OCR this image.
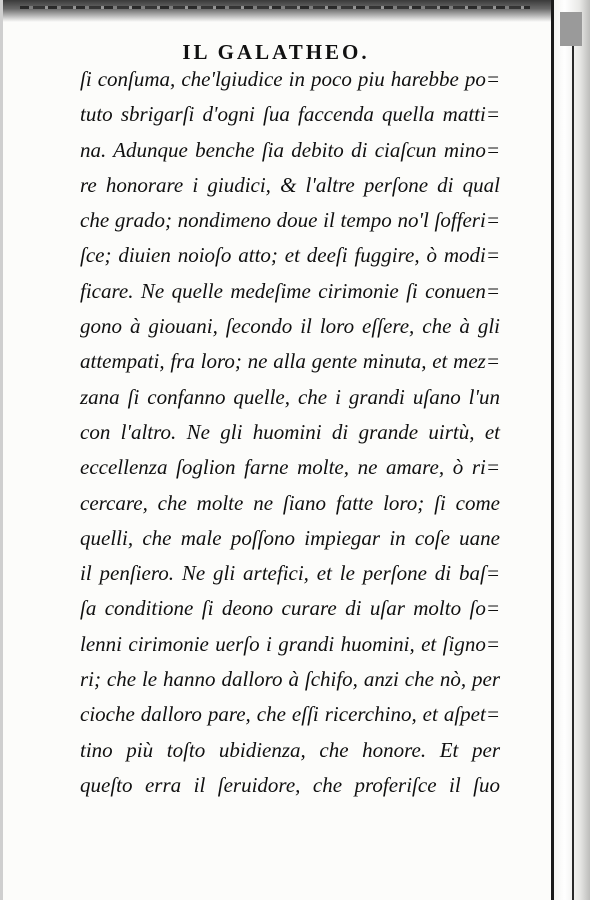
IL GALATHEO.
ſi conſuma, che'lgiudice in poco piu harebbe po=
tuto sbrigarſi d'ogni ſua faccenda quella matti=
na. Adunque benche ſia debito di ciaſcun mino=
re honorare i giudici, & l'altre perſone di qual
che grado; nondimeno doue il tempo no'l ſofferi=
ſce; diuien noioſo atto; et deeſi fuggire, ò modi=
ficare. Ne quelle medeſime cirimonie ſi conuen=
gono à giouani, ſecondo il loro eſſere, che à gli
attempati, fra loro; ne alla gente minuta, et mez=
zana ſi confanno quelle, che i grandi uſano l'un
con l'altro. Ne gli huomini di grande uirtù, et
eccellenza ſoglion farne molte, ne amare, ò ri=
cercare, che molte ne ſiano fatte loro; ſi come
quelli, che male poſſono impiegar in coſe uane
il penſiero. Ne gli artefici, et le perſone di baſ=
ſa conditione ſi deono curare di uſar molto ſo=
lenni cirimonie uerſo i grandi huomini, et ſigno=
ri; che le hanno dalloro à ſchifo, anzi che nò, per
cioche dalloro pare, che eſſi ricerchino, et aſpet=
tino più toſto ubidienza, che honore. Et per
queſto erra il ſeruidore, che proferiſce il ſuo
